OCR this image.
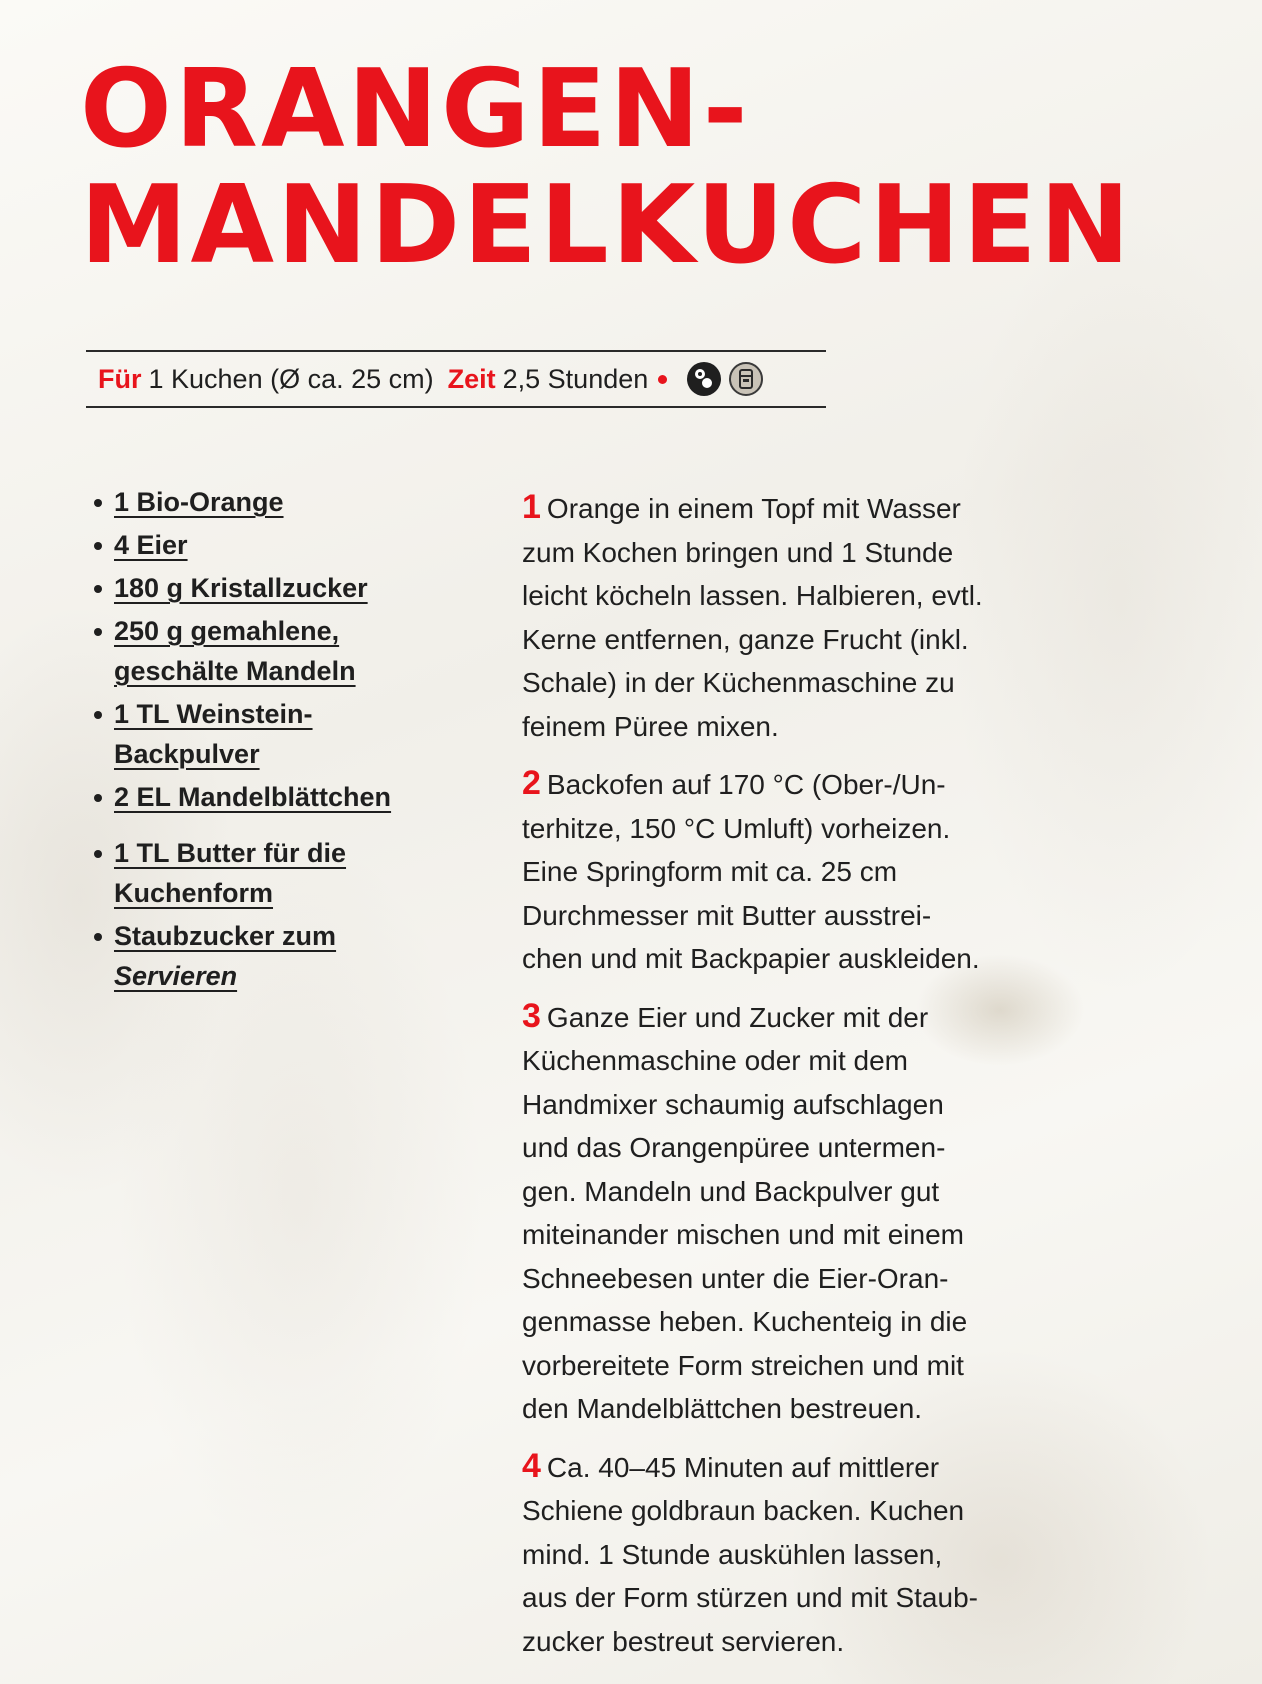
ORANGEN-
MANDELKUCHEN
Für 1 Kuchen (Ø ca. 25 cm) Zeit 2,5 Stunden
1 Bio-Orange
4 Eier
180 g Kristallzucker
250 g gemahlene,
geschälte Mandeln
1 TL Weinstein-
Backpulver
2 EL Mandelblättchen
1 TL Butter für die
Kuchenform
Staubzucker zum
Servieren

1 Orange in einem Topf mit Wasser
zum Kochen bringen und 1 Stunde
leicht köcheln lassen. Halbieren, evtl.
Kerne entfernen, ganze Frucht (inkl.
Schale) in der Küchenmaschine zu
feinem Püree mixen.

2 Backofen auf 170 °C (Ober-/Un-
terhitze, 150 °C Umluft) vorheizen.
Eine Springform mit ca. 25 cm
Durchmesser mit Butter ausstrei-
chen und mit Backpapier auskleiden.

3 Ganze Eier und Zucker mit der
Küchenmaschine oder mit dem
Handmixer schaumig aufschlagen
und das Orangenpüree untermen-
gen. Mandeln und Backpulver gut
miteinander mischen und mit einem
Schneebesen unter die Eier-Oran-
genmasse heben. Kuchenteig in die
vorbereitete Form streichen und mit
den Mandelblättchen bestreuen.

4 Ca. 40–45 Minuten auf mittlerer
Schiene goldbraun backen. Kuchen
mind. 1 Stunde auskühlen lassen,
aus der Form stürzen und mit Staub-
zucker bestreut servieren.
